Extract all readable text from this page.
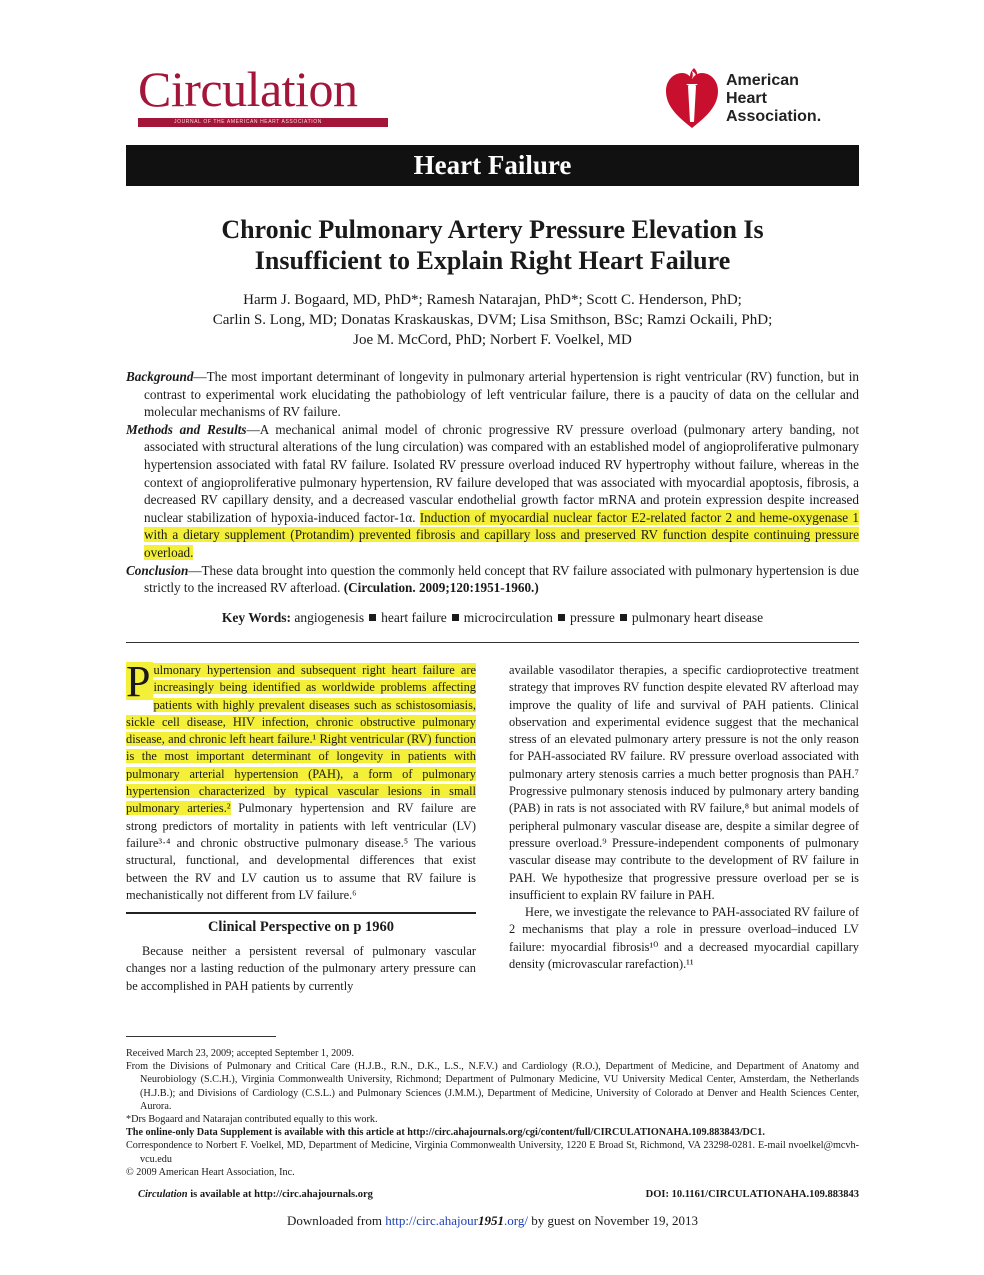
Circulation
JOURNAL OF THE AMERICAN HEART ASSOCIATION
American
Heart
Association.
Heart Failure
Chronic Pulmonary Artery Pressure Elevation Is
Insufficient to Explain Right Heart Failure
Harm J. Bogaard, MD, PhD*; Ramesh Natarajan, PhD*; Scott C. Henderson, PhD;
Carlin S. Long, MD; Donatas Kraskauskas, DVM; Lisa Smithson, BSc; Ramzi Ockaili, PhD;
Joe M. McCord, PhD; Norbert F. Voelkel, MD

Background—The most important determinant of longevity in pulmonary arterial hypertension is right ventricular (RV) function, but in contrast to experimental work elucidating the pathobiology of left ventricular failure, there is a paucity of data on the cellular and molecular mechanisms of RV failure.

Methods and Results—A mechanical animal model of chronic progressive RV pressure overload (pulmonary artery banding, not associated with structural alterations of the lung circulation) was compared with an established model of angioproliferative pulmonary hypertension associated with fatal RV failure. Isolated RV pressure overload induced RV hypertrophy without failure, whereas in the context of angioproliferative pulmonary hypertension, RV failure developed that was associated with myocardial apoptosis, fibrosis, a decreased RV capillary density, and a decreased vascular endothelial growth factor mRNA and protein expression despite increased nuclear stabilization of hypoxia-induced factor-1α. Induction of myocardial nuclear factor E2-related factor 2 and heme-oxygenase 1 with a dietary supplement (Protandim) prevented fibrosis and capillary loss and preserved RV function despite continuing pressure overload.

Conclusion—These data brought into question the commonly held concept that RV failure associated with pulmonary hypertension is due strictly to the increased RV afterload. (Circulation. 2009;120:1951-1960.)

Key Words: angiogenesis heart failure microcirculation pressure pulmonary heart disease

P ulmonary hypertension and subsequent right heart failure are increasingly being identified as worldwide problems affecting patients with highly prevalent diseases such as schistosomiasis, sickle cell disease, HIV infection, chronic obstructive pulmonary disease, and chronic left heart failure.¹ Right ventricular (RV) function is the most important determinant of longevity in patients with pulmonary arterial hypertension (PAH), a form of pulmonary hypertension characterized by typical vascular lesions in small pulmonary arteries.² Pulmonary hypertension and RV failure are strong predictors of mortality in patients with left ventricular (LV) failure³·⁴ and chronic obstructive pulmonary disease.⁵ The various structural, functional, and developmental differences that exist between the RV and LV caution us to assume that RV failure is mechanistically not different from LV failure.⁶

Clinical Perspective on p 1960

Because neither a persistent reversal of pulmonary vascular changes nor a lasting reduction of the pulmonary artery pressure can be accomplished in PAH patients by currently

available vasodilator therapies, a specific cardioprotective treatment strategy that improves RV function despite elevated RV afterload may improve the quality of life and survival of PAH patients. Clinical observation and experimental evidence suggest that the mechanical stress of an elevated pulmonary artery pressure is not the only reason for PAH-associated RV failure. RV pressure overload associated with pulmonary artery stenosis carries a much better prognosis than PAH.⁷ Progressive pulmonary stenosis induced by pulmonary artery banding (PAB) in rats is not associated with RV failure,⁸ but animal models of peripheral pulmonary vascular disease are, despite a similar degree of pressure overload.⁹ Pressure-independent components of pulmonary vascular disease may contribute to the development of RV failure in PAH. We hypothesize that progressive pressure overload per se is insufficient to explain RV failure in PAH.

Here, we investigate the relevance to PAH-associated RV failure of 2 mechanisms that play a role in pressure overload–induced LV failure: myocardial fibrosis¹⁰ and a decreased myocardial capillary density (microvascular rarefaction).¹¹

Received March 23, 2009; accepted September 1, 2009.

From the Divisions of Pulmonary and Critical Care (H.J.B., R.N., D.K., L.S., N.F.V.) and Cardiology (R.O.), Department of Medicine, and Department of Anatomy and Neurobiology (S.C.H.), Virginia Commonwealth University, Richmond; Department of Pulmonary Medicine, VU University Medical Center, Amsterdam, the Netherlands (H.J.B.); and Divisions of Cardiology (C.S.L.) and Pulmonary Sciences (J.M.M.), Department of Medicine, University of Colorado at Denver and Health Sciences Center, Aurora.

*Drs Bogaard and Natarajan contributed equally to this work.

The online-only Data Supplement is available with this article at http://circ.ahajournals.org/cgi/content/full/CIRCULATIONAHA.109.883843/DC1.

Correspondence to Norbert F. Voelkel, MD, Department of Medicine, Virginia Commonwealth University, 1220 E Broad St, Richmond, VA 23298-0281. E-mail nvoelkel@mcvh-vcu.edu

© 2009 American Heart Association, Inc.

Circulation is available at http://circ.ahajournals.org	DOI: 10.1161/CIRCULATIONAHA.109.883843
Downloaded from http://circ.ahajour1951.org/ by guest on November 19, 2013
